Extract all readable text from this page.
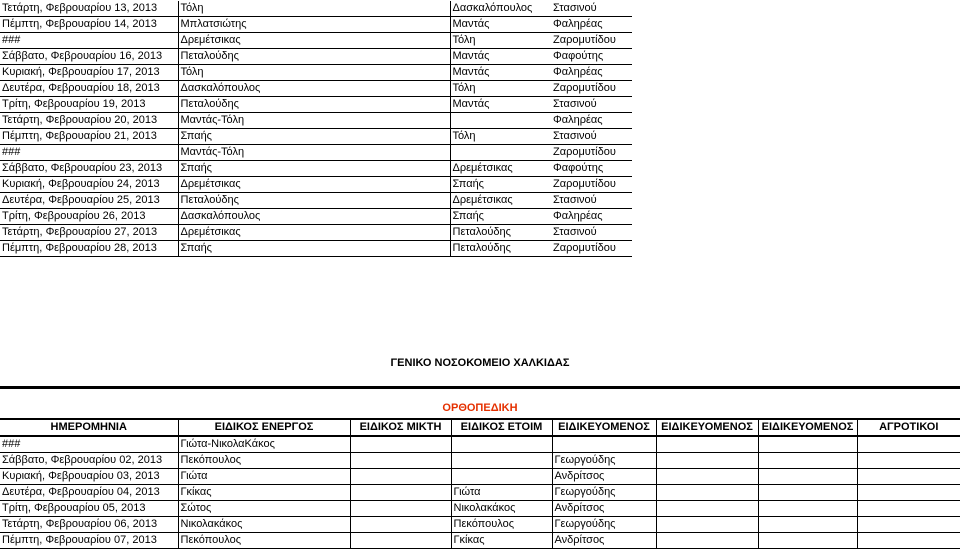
Τετάρτη, Φεβρουαρίου 13, 2013	Τόλη	Δασκαλόπουλος	Στασινού
Πέμπτη, Φεβρουαρίου 14, 2013	Μπλατσιώτης	Μαντάς	Φαληρέας
###	Δρεμέτσικας	Τόλη	Ζαρομυτίδου
Σάββατο, Φεβρουαρίου 16, 2013	Πεταλούδης	Μαντάς	Φαφούτης
Κυριακή, Φεβρουαρίου 17, 2013	Τόλη	Μαντάς	Φαληρέας
Δευτέρα, Φεβρουαρίου 18, 2013	Δασκαλόπουλος	Τόλη	Ζαρομυτίδου
Τρίτη, Φεβρουαρίου 19, 2013	Πεταλούδης	Μαντάς	Στασινού
Τετάρτη, Φεβρουαρίου 20, 2013	Μαντάς-Τόλη		Φαληρέας
Πέμπτη, Φεβρουαρίου 21, 2013	Σπαής	Τόλη	Στασινού
###	Μαντάς-Τόλη		Ζαρομυτίδου
Σάββατο, Φεβρουαρίου 23, 2013	Σπαής	Δρεμέτσικας	Φαφούτης
Κυριακή, Φεβρουαρίου 24, 2013	Δρεμέτσικας	Σπαής	Ζαρομυτίδου
Δευτέρα, Φεβρουαρίου 25, 2013	Πεταλούδης	Δρεμέτσικας	Στασινού
Τρίτη, Φεβρουαρίου 26, 2013	Δασκαλόπουλος	Σπαής	Φαληρέας
Τετάρτη, Φεβρουαρίου 27, 2013	Δρεμέτσικας	Πεταλούδης	Στασινού
Πέμπτη, Φεβρουαρίου 28, 2013	Σπαής	Πεταλούδης	Ζαρομυτίδου
ΓΕΝΙΚΟ ΝΟΣΟΚΟΜΕΙΟ ΧΑΛΚΙΔΑΣ
ΟΡΘΟΠΕΔΙΚΗ
ΗΜΕΡΟΜΗΝΙΑ	ΕΙΔΙΚΟΣ ΕΝΕΡΓΟΣ	ΕΙΔΙΚΟΣ ΜΙΚΤΗ	ΕΙΔΙΚΟΣ ΕΤΟΙΜ	ΕΙΔΙΚΕΥΟΜΕΝΟΣ	ΕΙΔΙΚΕΥΟΜΕΝΟΣ	ΕΙΔΙΚΕΥΟΜΕΝΟΣ	ΑΓΡΟΤΙΚΟΙ
###	Γιώτα-ΝικολαΚάκος						
Σάββατο, Φεβρουαρίου 02, 2013	Πεκόπουλος			Γεωργούδης			
Κυριακή, Φεβρουαρίου 03, 2013	Γιώτα			Ανδρίτσος			
Δευτέρα, Φεβρουαρίου 04, 2013	Γκίκας		Γιώτα	Γεωργούδης			
Τρίτη, Φεβρουαρίου 05, 2013	Σώτος		Νικολακάκος	Ανδρίτσος			
Τετάρτη, Φεβρουαρίου 06, 2013	Νικολακάκος		Πεκόπουλος	Γεωργούδης			
Πέμπτη, Φεβρουαρίου 07, 2013	Πεκόπουλος		Γκίκας	Ανδρίτσος			
